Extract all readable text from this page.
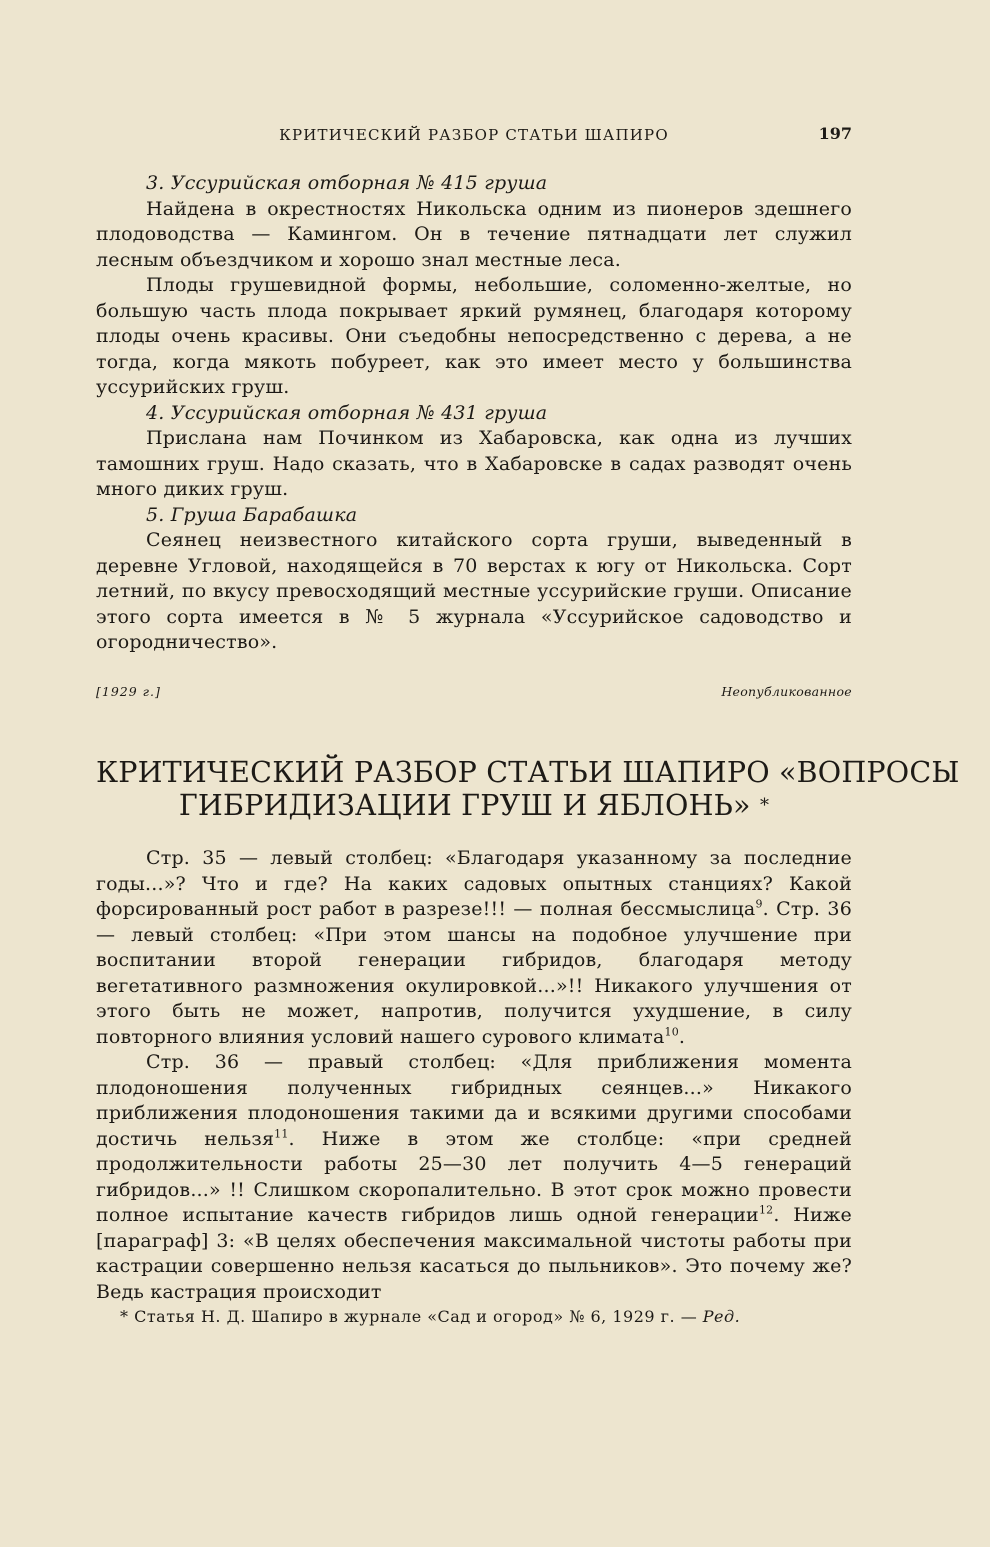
КРИТИЧЕСКИЙ РАЗБОР СТАТЬИ ШАПИРО	197

3. Уссурийская отборная № 415 груша

Найдена в окрестностях Никольска одним из пионеров здешнего плодоводства — Камингом. Он в течение пятнадцати лет служил лесным объездчиком и хорошо знал местные леса.

Плоды грушевидной формы, небольшие, соломенно-желтые, но большую часть плода покрывает яркий румянец, благодаря которому плоды очень красивы. Они съедобны непосредственно с дерева, а не тогда, когда мякоть побуреет, как это имеет место у большинства уссурийских груш.

4. Уссурийская отборная № 431 груша

Прислана нам Починком из Хабаровска, как одна из лучших тамошних груш. Надо сказать, что в Хабаровске в садах разводят очень много диких груш.

5. Груша Барабашка

Сеянец неизвестного китайского сорта груши, выведенный в деревне Угловой, находящейся в 70 верстах к югу от Никольска. Сорт летний, по вкусу превосходящий местные уссурийские груши. Описание этого сорта имеется в № 5 журнала «Уссурийское садоводство и огородничество».

[1929 г.]	Неопубликованное
КРИТИЧЕСКИЙ РАЗБОР СТАТЬИ ШАПИРО «ВОПРОСЫ
ГИБРИДИЗАЦИИ ГРУШ И ЯБЛОНЬ» *

Стр. 35 — левый столбец: «Благодаря указанному за последние годы...»? Что и где? На каких садовых опытных станциях? Какой форсированный рост работ в разрезе!!! — полная бессмыслица$^9$. Стр. 36 — левый столбец: «При этом шансы на подобное улучшение при воспитании второй генерации гибридов, благодаря методу вегетативного размножения окулировкой...»!! Никакого улучшения от этого быть не может, напротив, получится ухудшение, в силу повторного влияния условий нашего сурового климата$^{10}$.

Стр. 36 — правый столбец: «Для приближения момента плодоношения полученных гибридных сеянцев...» Никакого приближения плодоношения такими да и всякими другими способами достичь нельзя$^{11}$. Ниже в этом же столбце: «при средней продолжительности работы 25—30 лет получить 4—5 генераций гибридов...» !! Слишком скоропалительно. В этот срок можно провести полное испытание качеств гибридов лишь одной генерации$^{12}$. Ниже [параграф] 3: «В целях обеспечения максимальной чистоты работы при кастрации совершенно нельзя касаться до пыльников». Это почему же? Ведь кастрация происходит

* Статья Н. Д. Шапиро в журнале «Сад и огород» № 6, 1929 г. — Ред.
